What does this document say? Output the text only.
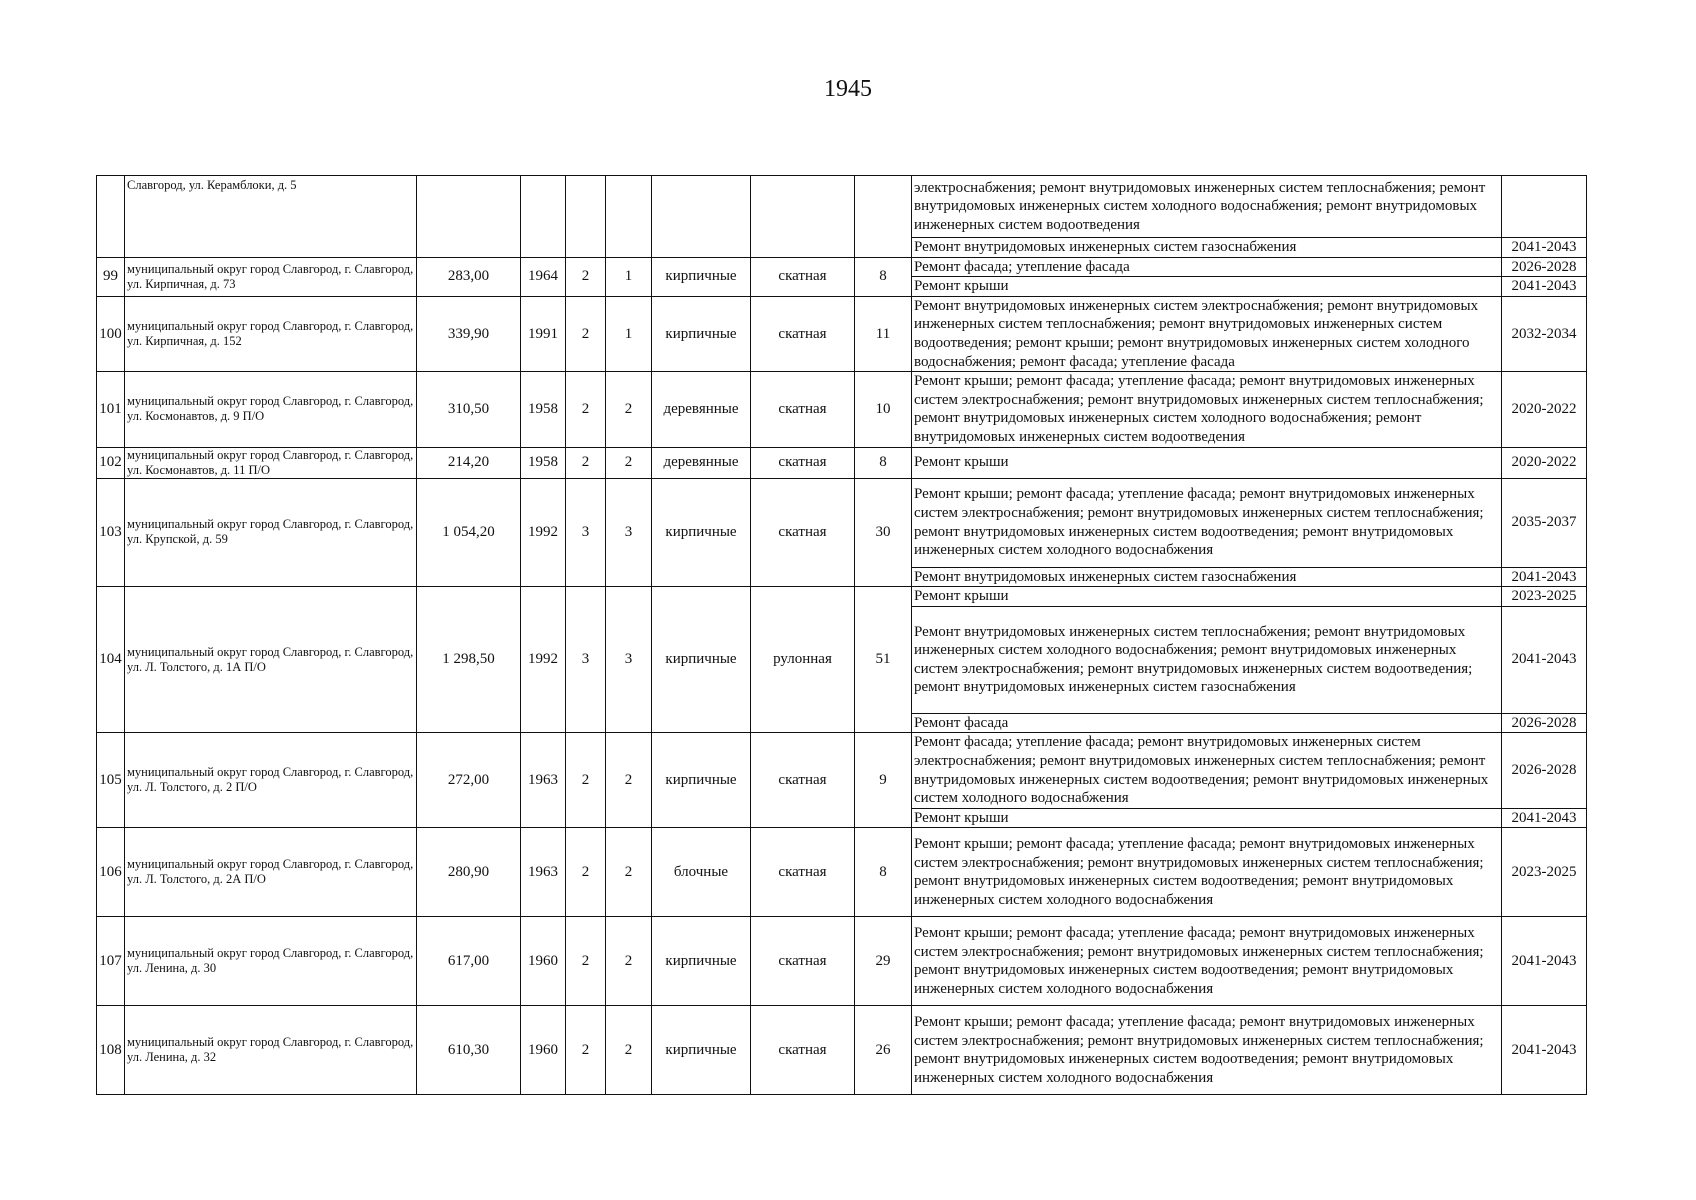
1945
	Славгород, ул. Керамблоки, д. 5								электроснабжения; ремонт внутридомовых инженерных систем теплоснабжения; ремонт внутридомовых инженерных систем холодного водоснабжения; ремонт внутридомовых инженерных систем водоотведения	
									Ремонт внутридомовых инженерных систем газоснабжения	2041-2043
99	муниципальный округ город Славгород, г. Славгород, ул. Кирпичная, д. 73	283,00	1964	2	1	кирпичные	скатная	8	Ремонт фасада; утепление фасада	2026-2028
									Ремонт крыши	2041-2043
100	муниципальный округ город Славгород, г. Славгород, ул. Кирпичная, д. 152	339,90	1991	2	1	кирпичные	скатная	11	Ремонт внутридомовых инженерных систем электроснабжения; ремонт внутридомовых инженерных систем теплоснабжения; ремонт внутридомовых инженерных систем водоотведения; ремонт крыши; ремонт внутридомовых инженерных систем холодного водоснабжения; ремонт фасада; утепление фасада	2032-2034
101	муниципальный округ город Славгород, г. Славгород, ул. Космонавтов, д. 9 П/О	310,50	1958	2	2	деревянные	скатная	10	Ремонт крыши; ремонт фасада; утепление фасада; ремонт внутридомовых инженерных систем электроснабжения; ремонт внутридомовых инженерных систем теплоснабжения; ремонт внутридомовых инженерных систем холодного водоснабжения; ремонт внутридомовых инженерных систем водоотведения	2020-2022
102	муниципальный округ город Славгород, г. Славгород, ул. Космонавтов, д. 11 П/О	214,20	1958	2	2	деревянные	скатная	8	Ремонт крыши	2020-2022
103	муниципальный округ город Славгород, г. Славгород, ул. Крупской, д. 59	1 054,20	1992	3	3	кирпичные	скатная	30	Ремонт крыши; ремонт фасада; утепление фасада; ремонт внутридомовых инженерных систем электроснабжения; ремонт внутридомовых инженерных систем теплоснабжения; ремонт внутридомовых инженерных систем водоотведения; ремонт внутридомовых инженерных систем холодного водоснабжения	2035-2037
									Ремонт внутридомовых инженерных систем газоснабжения	2041-2043
104	муниципальный округ город Славгород, г. Славгород, ул. Л. Толстого, д. 1А П/О	1 298,50	1992	3	3	кирпичные	рулонная	51	Ремонт крыши	2023-2025
									Ремонт внутридомовых инженерных систем теплоснабжения; ремонт внутридомовых инженерных систем холодного водоснабжения; ремонт внутридомовых инженерных систем электроснабжения; ремонт внутридомовых инженерных систем водоотведения; ремонт внутридомовых инженерных систем газоснабжения	2041-2043
									Ремонт фасада	2026-2028
105	муниципальный округ город Славгород, г. Славгород, ул. Л. Толстого, д. 2 П/О	272,00	1963	2	2	кирпичные	скатная	9	Ремонт фасада; утепление фасада; ремонт внутридомовых инженерных систем электроснабжения; ремонт внутридомовых инженерных систем теплоснабжения; ремонт внутридомовых инженерных систем водоотведения; ремонт внутридомовых инженерных систем холодного водоснабжения	2026-2028
									Ремонт крыши	2041-2043
106	муниципальный округ город Славгород, г. Славгород, ул. Л. Толстого, д. 2А П/О	280,90	1963	2	2	блочные	скатная	8	Ремонт крыши; ремонт фасада; утепление фасада; ремонт внутридомовых инженерных систем электроснабжения; ремонт внутридомовых инженерных систем теплоснабжения; ремонт внутридомовых инженерных систем водоотведения; ремонт внутридомовых инженерных систем холодного водоснабжения	2023-2025
107	муниципальный округ город Славгород, г. Славгород, ул. Ленина, д. 30	617,00	1960	2	2	кирпичные	скатная	29	Ремонт крыши; ремонт фасада; утепление фасада; ремонт внутридомовых инженерных систем электроснабжения; ремонт внутридомовых инженерных систем теплоснабжения; ремонт внутридомовых инженерных систем водоотведения; ремонт внутридомовых инженерных систем холодного водоснабжения	2041-2043
108	муниципальный округ город Славгород, г. Славгород, ул. Ленина, д. 32	610,30	1960	2	2	кирпичные	скатная	26	Ремонт крыши; ремонт фасада; утепление фасада; ремонт внутридомовых инженерных систем электроснабжения; ремонт внутридомовых инженерных систем теплоснабжения; ремонт внутридомовых инженерных систем водоотведения; ремонт внутридомовых инженерных систем холодного водоснабжения	2041-2043
